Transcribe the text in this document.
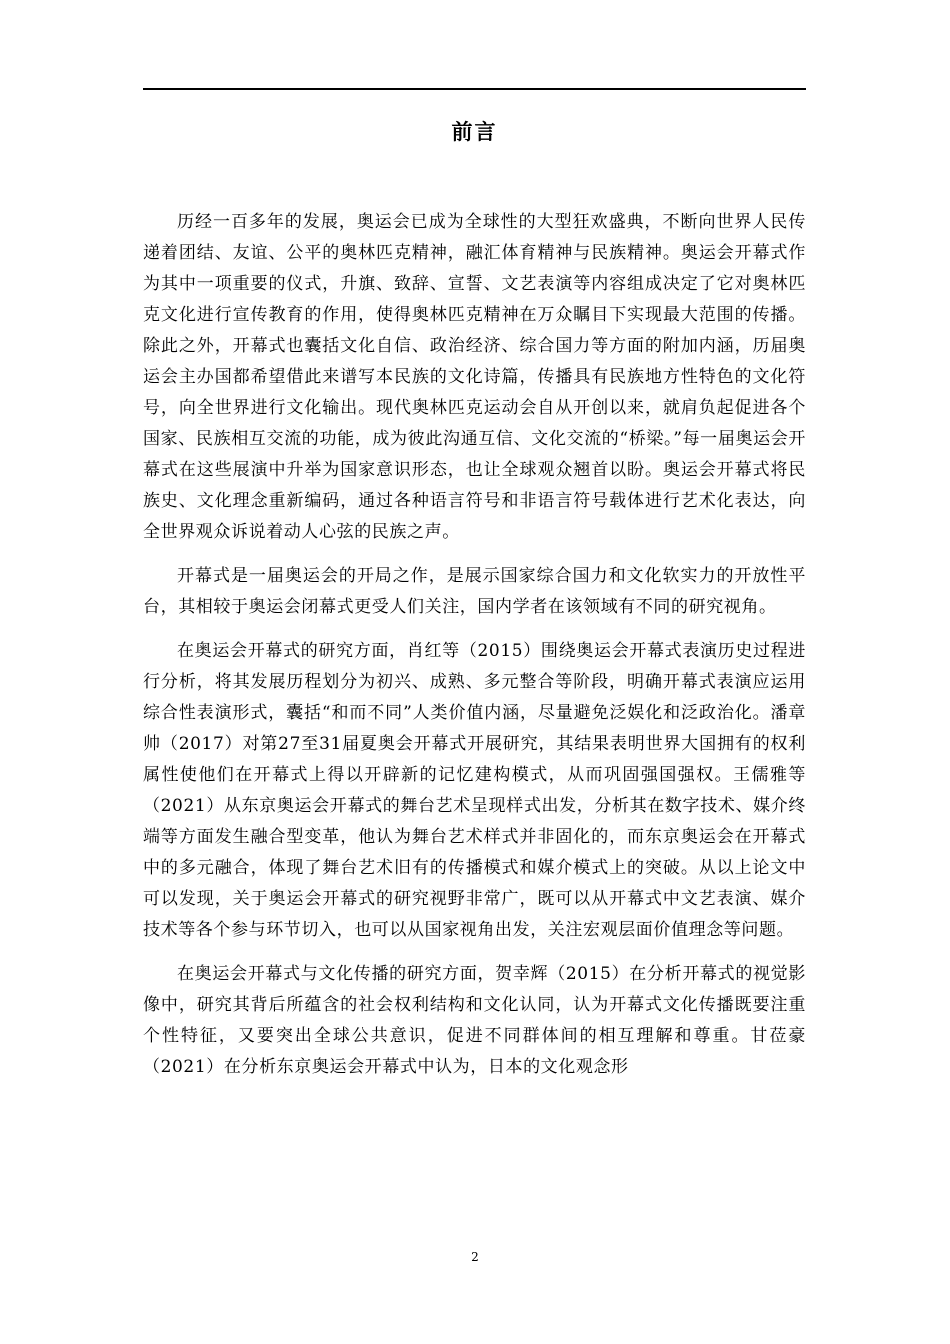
前言

历经一百多年的发展，奥运会已成为全球性的大型狂欢盛典，不断向世界人民传递着团结、友谊、公平的奥林匹克精神，融汇体育精神与民族精神。奥运会开幕式作为其中一项重要的仪式，升旗、致辞、宣誓、文艺表演等内容组成决定了它对奥林匹克文化进行宣传教育的作用，使得奥林匹克精神在万众瞩目下实现最大范围的传播。除此之外，开幕式也囊括文化自信、政治经济、综合国力等方面的附加内涵，历届奥运会主办国都希望借此来谱写本民族的文化诗篇，传播具有民族地方性特色的文化符号，向全世界进行文化输出。现代奥林匹克运动会自从开创以来，就肩负起促进各个国家、民族相互交流的功能，成为彼此沟通互信、文化交流的“桥梁。”每一届奥运会开幕式在这些展演中升举为国家意识形态，也让全球观众翘首以盼。奥运会开幕式将民族史、文化理念重新编码，通过各种语言符号和非语言符号载体进行艺术化表达，向全世界观众诉说着动人心弦的民族之声。

开幕式是一届奥运会的开局之作，是展示国家综合国力和文化软实力的开放性平台，其相较于奥运会闭幕式更受人们关注，国内学者在该领域有不同的研究视角。

在奥运会开幕式的研究方面，肖红等（2015）围绕奥运会开幕式表演历史过程进行分析，将其发展历程划分为初兴、成熟、多元整合等阶段，明确开幕式表演应运用综合性表演形式，囊括“和而不同”人类价值内涵，尽量避免泛娱化和泛政治化。潘章帅（2017）对第27至31届夏奥会开幕式开展研究，其结果表明世界大国拥有的权利属性使他们在开幕式上得以开辟新的记忆建构模式，从而巩固强国强权。王儒雅等（2021）从东京奥运会开幕式的舞台艺术呈现样式出发，分析其在数字技术、媒介终端等方面发生融合型变革，他认为舞台艺术样式并非固化的，而东京奥运会在开幕式中的多元融合，体现了舞台艺术旧有的传播模式和媒介模式上的突破。从以上论文中可以发现，关于奥运会开幕式的研究视野非常广，既可以从开幕式中文艺表演、媒介技术等各个参与环节切入，也可以从国家视角出发，关注宏观层面价值理念等问题。

在奥运会开幕式与文化传播的研究方面，贺幸辉（2015）在分析开幕式的视觉影像中，研究其背后所蕴含的社会权利结构和文化认同，认为开幕式文化传播既要注重个性特征，又要突出全球公共意识，促进不同群体间的相互理解和尊重。甘莅豪（2021）在分析东京奥运会开幕式中认为，日本的文化观念形

2
